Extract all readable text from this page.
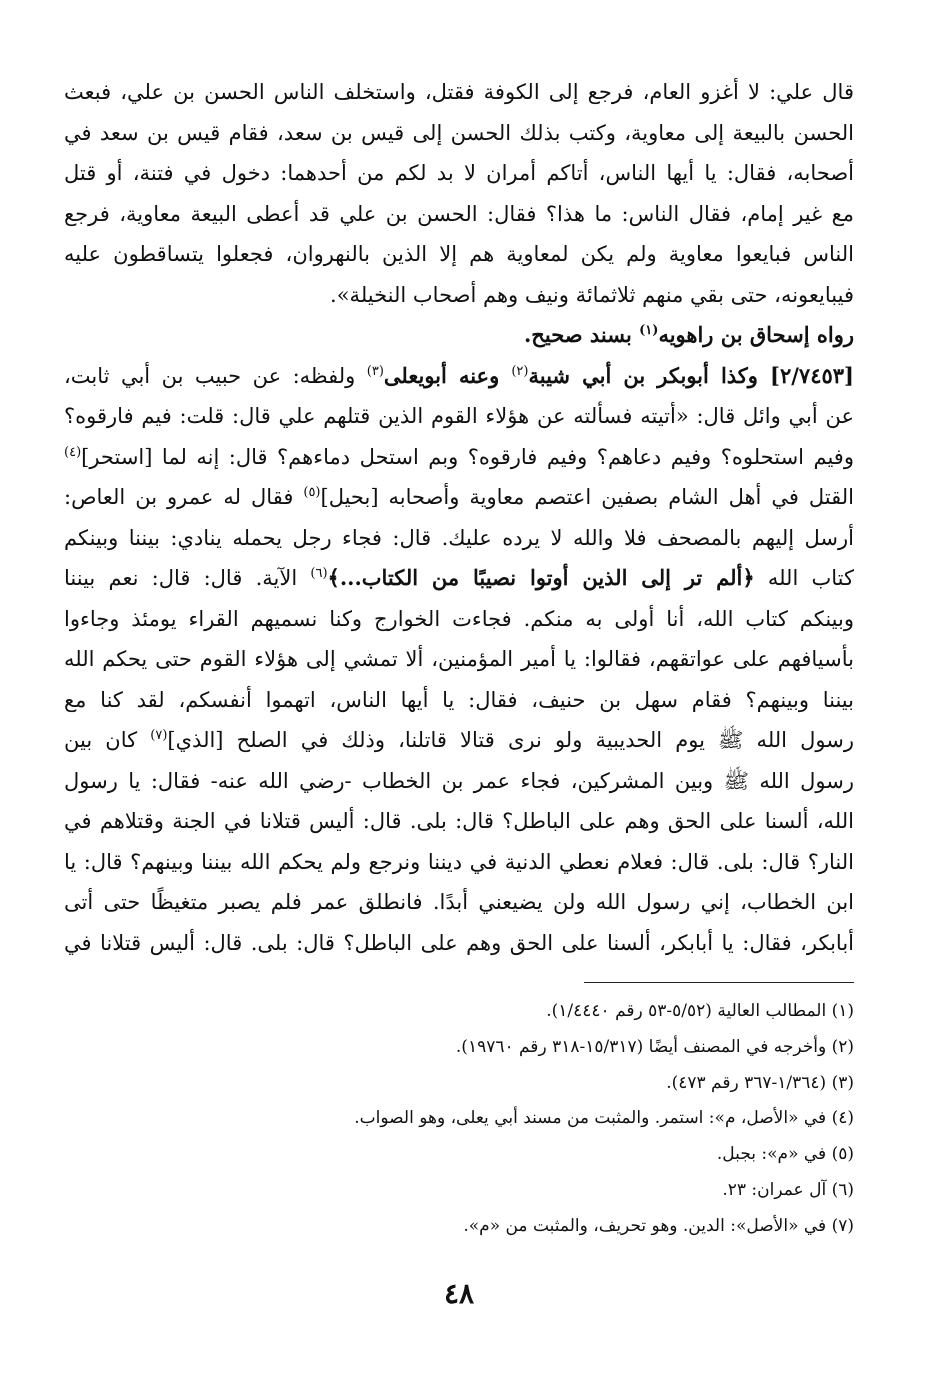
قال علي: لا أغزو العام، فرجع إلى الكوفة فقتل، واستخلف الناس الحسن بن علي، فبعث
الحسن بالبيعة إلى معاوية، وكتب بذلك الحسن إلى قيس بن سعد، فقام قيس بن سعد في
أصحابه، فقال: يا أيها الناس، أتاكم أمران لا بد لكم من أحدهما: دخول في فتنة، أو قتل
مع غير إمام، فقال الناس: ما هذا؟ فقال: الحسن بن علي قد أعطى البيعة معاوية، فرجع
الناس فبايعوا معاوية ولم يكن لمعاوية هم إلا الذين بالنهروان، فجعلوا يتساقطون عليه
فيبايعونه، حتى بقي منهم ثلاثمائة ونيف وهم أصحاب النخيلة».
رواه إسحاق بن راهويه$^{(١)}$ بسند صحيح.
[٢/٧٤٥٣] وكذا أبوبكر بن أبي شيبة$^{(٢)}$ وعنه أبويعلى$^{(٣)}$ ولفظه: عن حبيب بن أبي ثابت،
عن أبي وائل قال: «أتيته فسألته عن هؤلاء القوم الذين قتلهم علي قال: قلت: فيم فارقوه؟
وفيم استحلوه؟ وفيم دعاهم؟ وفيم فارقوه؟ وبم استحل دماءهم؟ قال: إنه لما [استحر]$^{(٤)}$
القتل في أهل الشام بصفين اعتصم معاوية وأصحابه [بحيل]$^{(٥)}$ فقال له عمرو بن العاص:
أرسل إليهم بالمصحف فلا والله لا يرده عليك. قال: فجاء رجل يحمله ينادي: بيننا وبينكم
كتاب الله ﴿ألم تر إلى الذين أوتوا نصيبًا من الكتاب...﴾$^{(٦)}$ الآية. قال: قال: نعم بيننا
وبينكم كتاب الله، أنا أولى به منكم. فجاءت الخوارج وكنا نسميهم القراء يومئذ وجاءوا
بأسيافهم على عواتقهم، فقالوا: يا أمير المؤمنين، ألا تمشي إلى هؤلاء القوم حتى يحكم الله
بيننا وبينهم؟ فقام سهل بن حنيف، فقال: يا أيها الناس، اتهموا أنفسكم، لقد كنا مع
رسول الله ﷺ يوم الحديبية ولو نرى قتالا قاتلنا، وذلك في الصلح [الذي]$^{(٧)}$ كان بين
رسول الله ﷺ وبين المشركين، فجاء عمر بن الخطاب -رضي الله عنه- فقال: يا رسول
الله، ألسنا على الحق وهم على الباطل؟ قال: بلى. قال: أليس قتلانا في الجنة وقتلاهم في
النار؟ قال: بلى. قال: فعلام نعطي الدنية في ديننا ونرجع ولم يحكم الله بيننا وبينهم؟ قال: يا
ابن الخطاب، إني رسول الله ولن يضيعني أبدًا. فانطلق عمر فلم يصبر متغيظًا حتى أتى
أبابكر، فقال: يا أبابكر، ألسنا على الحق وهم على الباطل؟ قال: بلى. قال: أليس قتلانا في
(١) المطالب العالية (٥/٥٢-٥٣ رقم ١/٤٤٤٠).
(٢) وأخرجه في المصنف أيضًا (١٥/٣١٧-٣١٨ رقم ١٩٧٦٠).
(٣) (١/٣٦٤-٣٦٧ رقم ٤٧٣).
(٤) في «الأصل، م»: استمر. والمثبت من مسند أبي يعلى، وهو الصواب.
(٥) في «م»: بجبل.
(٦) آل عمران: ٢٣.
(٧) في «الأصل»: الدين. وهو تحريف، والمثبت من «م».
٤٨
